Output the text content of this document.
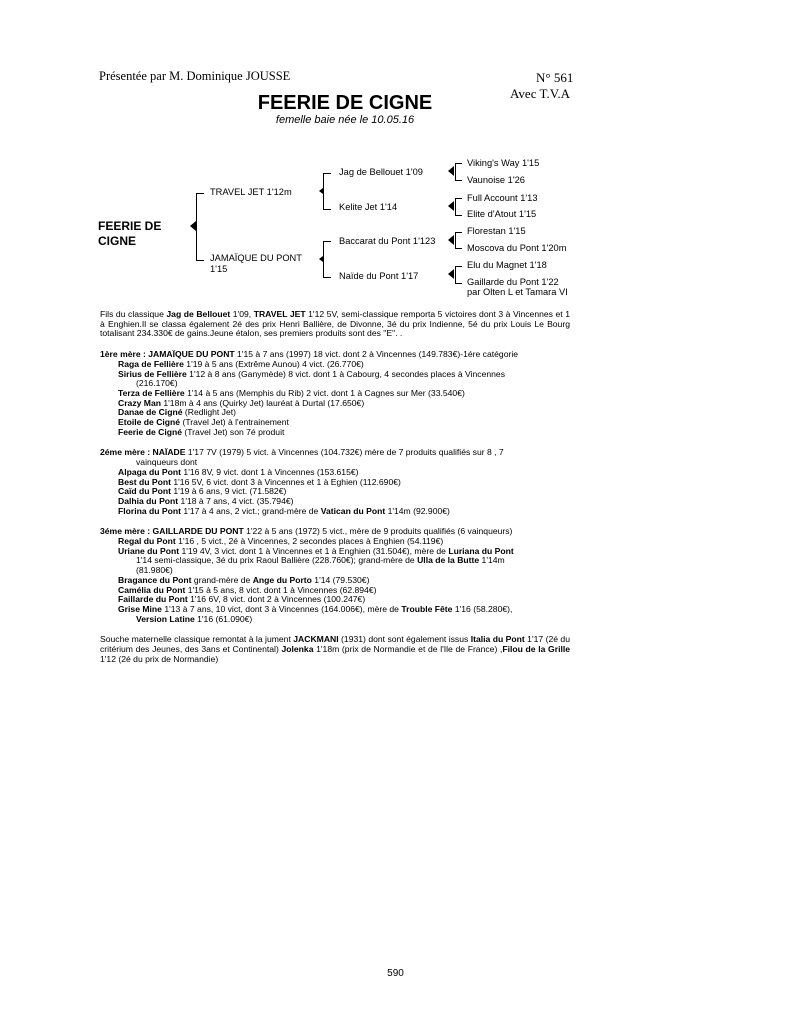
Présentée par M. Dominique JOUSSE	N° 561
Avec T.V.A
FEERIE DE CIGNE
femelle baie née le 10.05.16
FEERIE DE CIGNE
TRAVEL JET 1'12m
JAMAÏQUE DU PONT 1'15
Jag de Bellouet 1'09
Kelite Jet 1'14
Baccarat du Pont 1'123
Naïde du Pont 1'17
Viking's Way 1'15
Vaunoise 1'26
Full Account 1'13
Elite d'Atout 1'15
Florestan 1'15
Moscova du Pont 1'20m
Elu du Magnet 1'18
Gaillarde du Pont 1'22
par Olten L et Tamara VI

Fils du classique Jag de Bellouet 1'09, TRAVEL JET 1'12 5V, semi-classique remporta 5 victoires dont 3 à Vincennes et 1 à Enghien.Il se classa également 2é des prix Henri Ballière, de Divonne, 3é du prix Indienne, 5é du prix Louis Le Bourg totalisant 234.330€ de gains.Jeune étalon, ses premiers produits sont des "E". .

1ère mère : JAMAÏQUE DU PONT 1'15 à 7 ans (1997) 18 vict. dont 2 à Vincennes (149.783€)-1ére catégorie

Raga de Fellière 1'19 à 5 ans (Extrême Aunou) 4 vict. (26.770€)

Sirius de Fellière 1'12 à 8 ans (Ganymède) 8 vict. dont 1 à Cabourg, 4 secondes places à Vincennes

(216.170€)

Terza de Fellière 1'14 à 5 ans (Memphis du Rib) 2 vict. dont 1 à Cagnes sur Mer (33.540€)

Crazy Man 1'18m à 4 ans (Quirky Jet) lauréat à Durtal (17.650€)

Danae de Cigné (Redlight Jet)

Etoile de Cigné (Travel Jet) à l'entrainement

Feerie de Cigné (Travel Jet) son 7é produit

2éme mère : NAÏADE 1'17 7V (1979) 5 vict. à Vincennes (104.732€) mère de 7 produits qualifiés sur 8 , 7

vainqueurs dont

Alpaga du Pont 1'16 8V, 9 vict. dont 1 à Vincennes (153.615€)

Best du Pont 1'16 5V, 6 vict. dont 3 à Vincennes et 1 à Eghien (112.690€)

Caïd du Pont 1'19 à 6 ans, 9 vict. (71.582€)

Dalhia du Pont 1'18 à 7 ans, 4 vict. (35.794€)

Florina du Pont 1'17 à 4 ans, 2 vict.; grand-mère de Vatican du Pont 1'14m (92.900€)

3éme mère : GAILLARDE DU PONT 1'22 à 5 ans (1972) 5 vict., mère de 9 produits qualifiés (6 vainqueurs)

Regal du Pont 1'16 , 5 vict., 2é à Vincennes, 2 secondes places à Enghien (54.119€)

Uriane du Pont 1'19 4V, 3 vict. dont 1 à Vincennes et 1 à Enghien (31.504€), mère de Luriana du Pont

1'14 semi-classique, 3é du prix Raoul Ballière (228.760€); grand-mère de Ulla de la Butte 1'14m

(81.980€)

Bragance du Pont grand-mère de Ange du Porto 1'14 (79.530€)

Camélia du Pont 1'15 à 5 ans, 8 vict. dont 1 à Vincennes (62.894€)

Faillarde du Pont 1'16 6V, 8 vict. dont 2 à Vincennes (100.247€)

Grise Mine 1'13 à 7 ans, 10 vict, dont 3 à Vincennes (164.006€), mère de Trouble Fête 1'16 (58.280€),

Version Latine 1'16 (61.090€)

Souche maternelle classique remontat à la jument JACKMANI (1931) dont sont également issus Italia du Pont 1'17 (2é du critérium des Jeunes, des 3ans et Continental) Jolenka 1'18m (prix de Normandie et de l'Ile de France) ,Filou de la Grille 1'12 (2é du prix de Normandie)

590
